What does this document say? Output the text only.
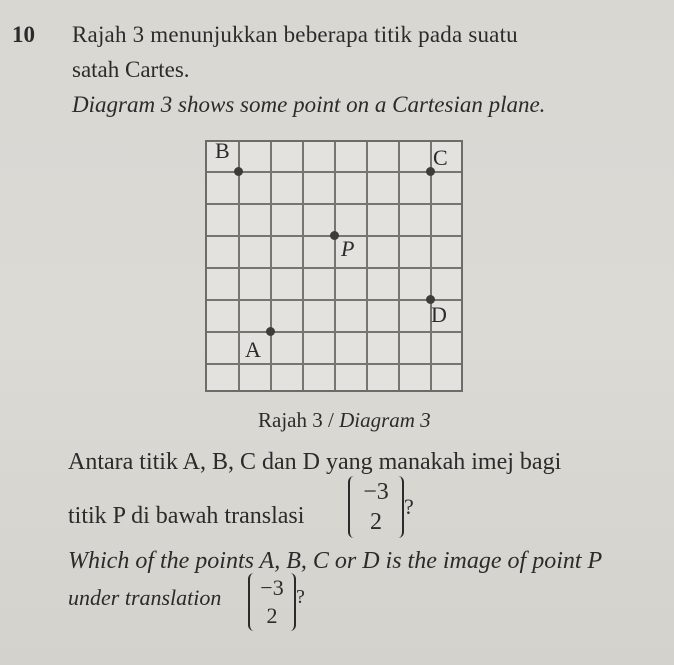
10 Rajah 3 menunjukkan beberapa titik pada suatu
satah Cartes.
Diagram 3 shows some point on a Cartesian plane.
B	C
P
D
A
Rajah 3 / Diagram 3
Antara titik A, B, C dan D yang manakah imej bagi
titik P di bawah translasi
−3
2
?
Which of the points A, B, C or D is the image of point P
under translation −3
2
?
